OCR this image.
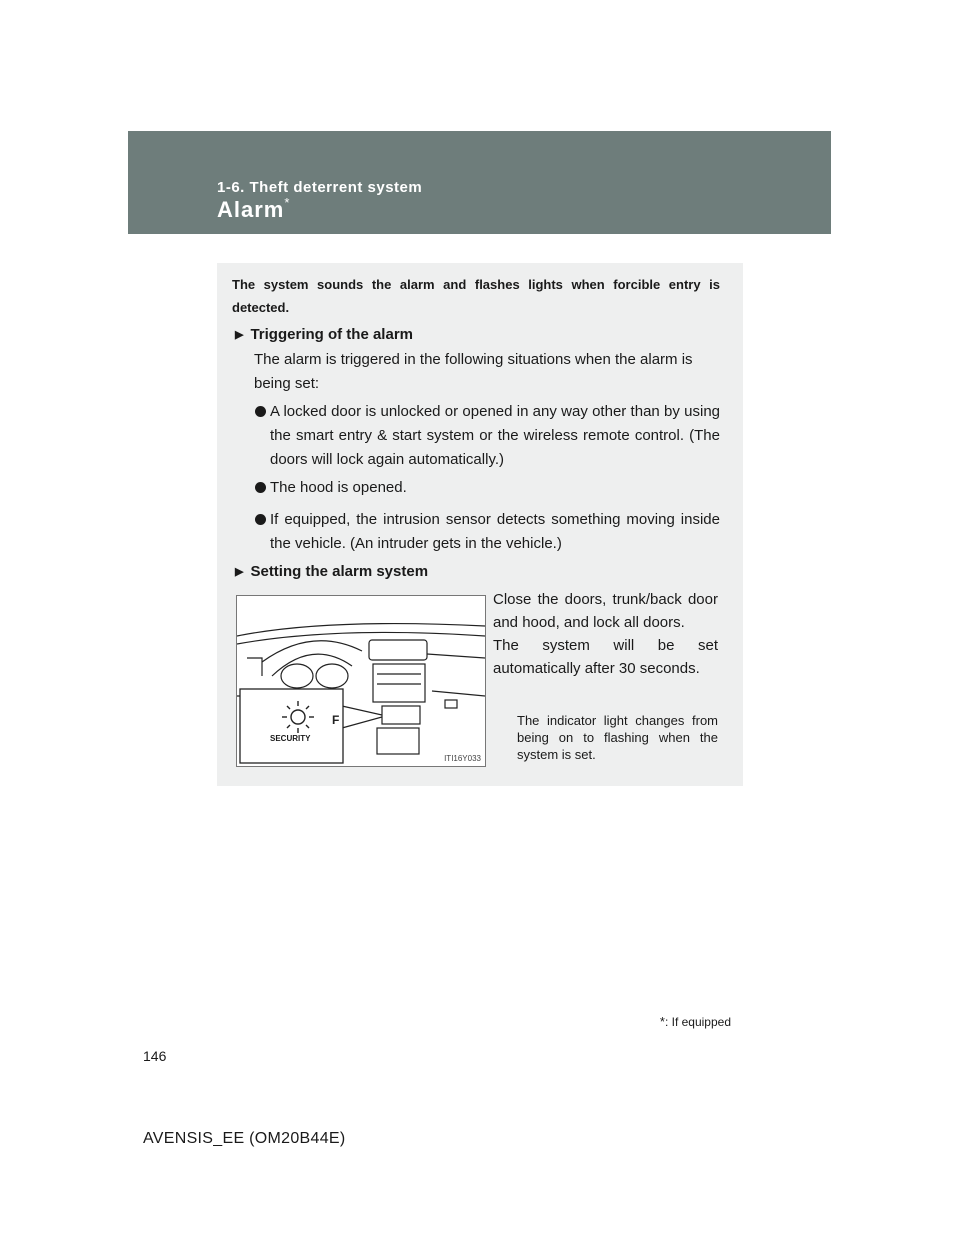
1-6. Theft deterrent system
Alarm*
The system sounds the alarm and flashes lights when forcible entry is detected.
▶ Triggering of the alarm
The alarm is triggered in the following situations when the alarm is being set:
A locked door is unlocked or opened in any way other than by using the smart entry & start system or the wireless remote control. (The doors will lock again automatically.)
The hood is opened.
If equipped, the intrusion sensor detects something moving inside the vehicle. (An intruder gets in the vehicle.)
▶ Setting the alarm system
F
SECURITY
ITI16Y033
Close the doors, trunk/back door and hood, and lock all doors.
The system will be set automatically after 30 seconds.
The indicator light changes from being on to flashing when the system is set.
*: If equipped
146
AVENSIS_EE (OM20B44E)
